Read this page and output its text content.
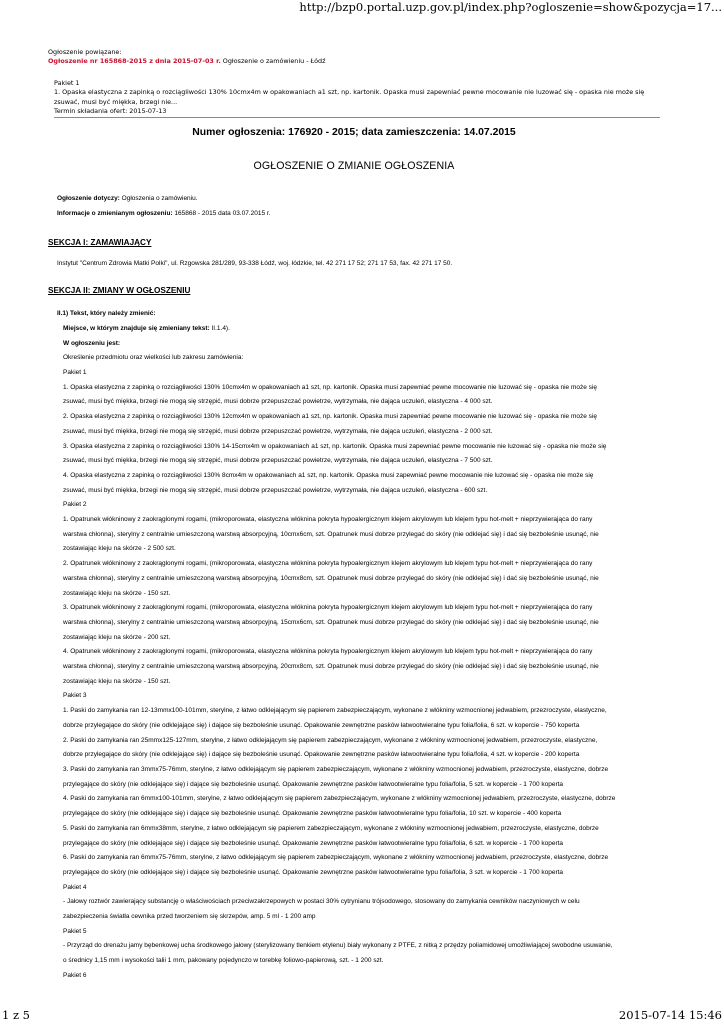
http://bzp0.portal.uzp.gov.pl/index.php?ogloszenie=show&pozycja=17...
Ogłoszenie powiązane:
Ogłoszenie nr 165868-2015 z dnia 2015-07-03 r. Ogłoszenie o zamówieniu - Łódź
Pakiet 1
1. Opaska elastyczna z zapinką o rozciągliwości 130% 10cmx4m w opakowaniach a1 szt, np. kartonik. Opaska musi zapewniać pewne mocowanie nie luzować się - opaska nie może się zsuwać, musi być miękka, brzegi nie...
Termin składania ofert: 2015-07-13
Numer ogłoszenia: 176920 - 2015; data zamieszczenia: 14.07.2015
OGŁOSZENIE O ZMIANIE OGŁOSZENIA
Ogłoszenie dotyczy: Ogłoszenia o zamówieniu.
Informacje o zmienianym ogłoszeniu: 165868 - 2015 data 03.07.2015 r.
SEKCJA I: ZAMAWIAJĄCY
Instytut "Centrum Zdrowia Matki Polki", ul. Rzgowska 281/289, 93-338 Łódź, woj. łódzkie, tel. 42 271 17 52; 271 17 53, fax. 42 271 17 50.
SEKCJA II: ZMIANY W OGŁOSZENIU
II.1) Tekst, który należy zmienić:
Miejsce, w którym znajduje się zmieniany tekst: II.1.4).
W ogłoszeniu jest:
Określenie przedmiotu oraz wielkości lub zakresu zamówienia:
Pakiet 1
1. Opaska elastyczna z zapinką o rozciągliwości 130% 10cmx4m w opakowaniach a1 szt, np. kartonik. Opaska musi zapewniać pewne mocowanie nie luzować się - opaska nie może się
zsuwać, musi być miękka, brzegi nie mogą się strzępić, musi dobrze przepuszczać powietrze, wytrzymała, nie dająca uczuleń, elastyczna - 4 000 szt.
2. Opaska elastyczna z zapinką o rozciągliwości 130% 12cmx4m w opakowaniach a1 szt, np. kartonik. Opaska musi zapewniać pewne mocowanie nie luzować się - opaska nie może się
zsuwać, musi być miękka, brzegi nie mogą się strzępić, musi dobrze przepuszczać powietrze, wytrzymała, nie dająca uczuleń, elastyczna - 2 000 szt.
3. Opaska elastyczna z zapinką o rozciągliwości 130% 14-15cmx4m w opakowaniach a1 szt, np. kartonik. Opaska musi zapewniać pewne mocowanie nie luzować się - opaska nie może się
zsuwać, musi być miękka, brzegi nie mogą się strzępić, musi dobrze przepuszczać powietrze, wytrzymała, nie dająca uczuleń, elastyczna - 7 500 szt.
4. Opaska elastyczna z zapinką o rozciągliwości 130% 8cmx4m w opakowaniach a1 szt, np. kartonik. Opaska musi zapewniać pewne mocowanie nie luzować się - opaska nie może się
zsuwać, musi być miękka, brzegi nie mogą się strzępić, musi dobrze przepuszczać powietrze, wytrzymała, nie dająca uczuleń, elastyczna - 600 szt.
Pakiet 2
1. Opatrunek włókninowy z zaokrąglonymi rogami, (mikroporowata, elastyczna włóknina pokryta hypoalergicznym klejem akrylowym lub klejem typu hot-melt + nieprzywierająca do rany
warstwa chłonna), sterylny z centralnie umieszczoną warstwą absorpcyjną, 10cmx6cm, szt. Opatrunek musi dobrze przylegać do skóry (nie odklejać się) i dać się bezboleśnie usunąć, nie
zostawiając kleju na skórze - 2 500 szt.
2. Opatrunek włókninowy z zaokrąglonymi rogami, (mikroporowata, elastyczna włóknina pokryta hypoalergicznym klejem akrylowym lub klejem typu hot-melt + nieprzywierająca do rany
warstwa chłonna), sterylny z centralnie umieszczoną warstwą absorpcyjną, 10cmx8cm, szt. Opatrunek musi dobrze przylegać do skóry (nie odklejać się) i dać się bezboleśnie usunąć, nie
zostawiając kleju na skórze - 150 szt.
3. Opatrunek włókninowy z zaokrąglonymi rogami, (mikroporowata, elastyczna włóknina pokryta hypoalergicznym klejem akrylowym lub klejem typu hot-melt + nieprzywierająca do rany
warstwa chłonna), sterylny z centralnie umieszczoną warstwą absorpcyjną, 15cmx6cm, szt. Opatrunek musi dobrze przylegać do skóry (nie odklejać się) i dać się bezboleśnie usunąć, nie
zostawiając kleju na skórze - 200 szt.
4. Opatrunek włókninowy z zaokrąglonymi rogami, (mikroporowata, elastyczna włóknina pokryta hypoalergicznym klejem akrylowym lub klejem typu hot-melt + nieprzywierająca do rany
warstwa chłonna), sterylny z centralnie umieszczoną warstwą absorpcyjną, 20cmx8cm, szt. Opatrunek musi dobrze przylegać do skóry (nie odklejać się) i dać się bezboleśnie usunąć, nie
zostawiając kleju na skórze - 150 szt.
Pakiet 3
1. Paski do zamykania ran 12-13mmx100-101mm, sterylne, z łatwo odklejającym się papierem zabezpieczającym, wykonane z włókniny wzmocnionej jedwabiem, przezroczyste, elastyczne,
dobrze przylegające do skóry (nie odklejające się) i dające się bezboleśnie usunąć. Opakowanie zewnętrzne pasków łatwootwieralne typu folia/folia, 6 szt. w kopercie - 750 koperta
2. Paski do zamykania ran 25mmx125-127mm, sterylne, z łatwo odklejającym się papierem zabezpieczającym, wykonane z włókniny wzmocnionej jedwabiem, przezroczyste, elastyczne,
dobrze przylegające do skóry (nie odklejające się) i dające się bezboleśnie usunąć. Opakowanie zewnętrzne pasków łatwootwieralne typu folia/folia, 4 szt. w kopercie - 200 koperta
3. Paski do zamykania ran 3mmx75-76mm, sterylne, z łatwo odklejającym się papierem zabezpieczającym, wykonane z włókniny wzmocnionej jedwabiem, przezroczyste, elastyczne, dobrze
przylegające do skóry (nie odklejające się) i dające się bezboleśnie usunąć. Opakowanie zewnętrzne pasków łatwootwieralne typu folia/folia, 5 szt. w kopercie - 1 700 koperta
4. Paski do zamykania ran 6mmx100-101mm, sterylne, z łatwo odklejającym się papierem zabezpieczającym, wykonane z włókniny wzmocnionej jedwabiem, przezroczyste, elastyczne, dobrze
przylegające do skóry (nie odklejające się) i dające się bezboleśnie usunąć. Opakowanie zewnętrzne pasków łatwootwieralne typu folia/folia, 10 szt. w kopercie - 400 koperta
5. Paski do zamykania ran 6mmx38mm, sterylne, z łatwo odklejającym się papierem zabezpieczającym, wykonane z włókniny wzmocnionej jedwabiem, przezroczyste, elastyczne, dobrze
przylegające do skóry (nie odklejające się) i dające się bezboleśnie usunąć. Opakowanie zewnętrzne pasków łatwootwieralne typu folia/folia, 6 szt. w kopercie - 1 700 koperta
6. Paski do zamykania ran 6mmx75-76mm, sterylne, z łatwo odklejającym się papierem zabezpieczającym, wykonane z włókniny wzmocnionej jedwabiem, przezroczyste, elastyczne, dobrze
przylegające do skóry (nie odklejające się) i dające się bezboleśnie usunąć. Opakowanie zewnętrzne pasków łatwootwieralne typu folia/folia, 3 szt. w kopercie - 1 700 koperta
Pakiet 4
- Jałowy roztwór zawierający substancję o właściwościach przeciwzakrzepowych w postaci 30% cytrynianu trójsodowego, stosowany do zamykania cewników naczyniowych w celu
zabezpieczenia światła cewnika przed tworzeniem się skrzepów, amp. 5 ml - 1 200 amp
Pakiet 5
- Przyrząd do drenażu jamy bębenkowej ucha środkowego jałowy (sterylizowany tlenkiem etylenu) biały wykonany z PTFE, z nitką z przędzy poliamidowej umożliwiającej swobodne usuwanie,
o średnicy 1,15 mm i wysokości talii 1 mm, pakowany pojedynczo w torebkę foliowo-papierową, szt. - 1 200 szt.
Pakiet 6
1 z 5	2015-07-14 15:46
